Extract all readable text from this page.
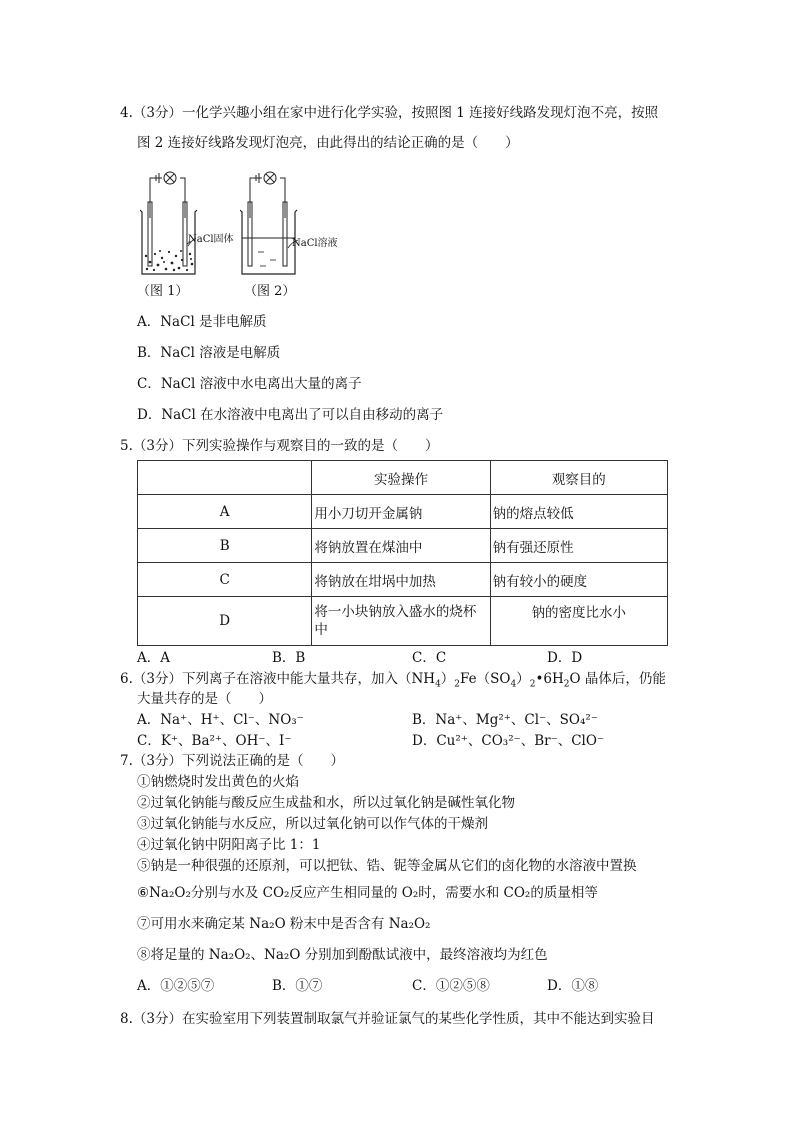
4.（3分）一化学兴趣小组在家中进行化学实验，按照图 1 连接好线路发现灯泡不亮，按照
图 2 连接好线路发现灯泡亮，由此得出的结论正确的是（　　）
NaCl固体	NaCl溶液
（图 1）	（图 2）
A．NaCl 是非电解质
B．NaCl 溶液是电解质
C．NaCl 溶液中水电离出大量的离子
D．NaCl 在水溶液中电离出了可以自由移动的离子
5.（3分）下列实验操作与观察目的一致的是（　　）
	实验操作	观察目的
A	用小刀切开金属钠	钠的熔点较低
B	将钠放置在煤油中	钠有强还原性
C	将钠放在坩埚中加热	钠有较小的硬度
D	将一小块钠放入盛水的烧杯中	钠的密度比水小
A．A	B．B	C．C	D．D
6.（3分）下列离子在溶液中能大量共存，加入$(NH_4)_2Fe(SO_4)_2•6H_2O$ 晶体后，仍能
大量共存的是（　　）
A．Na⁺、H⁺、Cl⁻、NO₃⁻	B．Na⁺、Mg²⁺、Cl⁻、SO₄²⁻
C．K⁺、Ba²⁺、OH⁻、I⁻	D．Cu²⁺、CO₃²⁻、Br⁻、ClO⁻
7.（3分）下列说法正确的是（　　）
①钠燃烧时发出黄色的火焰
②过氧化钠能与酸反应生成盐和水，所以过氧化钠是碱性氧化物
③过氧化钠能与水反应，所以过氧化钠可以作气体的干燥剂
④过氧化钠中阴阳离子比 1：1
⑤钠是一种很强的还原剂，可以把钛、锆、铌等金属从它们的卤化物的水溶液中置换
⑥Na₂O₂分别与水及 CO₂反应产生相同量的 O₂时，需要水和 CO₂的质量相等
⑦可用水来确定某 Na₂O 粉末中是否含有 Na₂O₂
⑧将足量的 Na₂O₂、Na₂O 分别加到酚酞试液中，最终溶液均为红色
A．①②⑤⑦	B．①⑦	C．①②⑤⑧	D．①⑧
8.（3分）在实验室用下列装置制取氯气并验证氯气的某些化学性质，其中不能达到实验目
